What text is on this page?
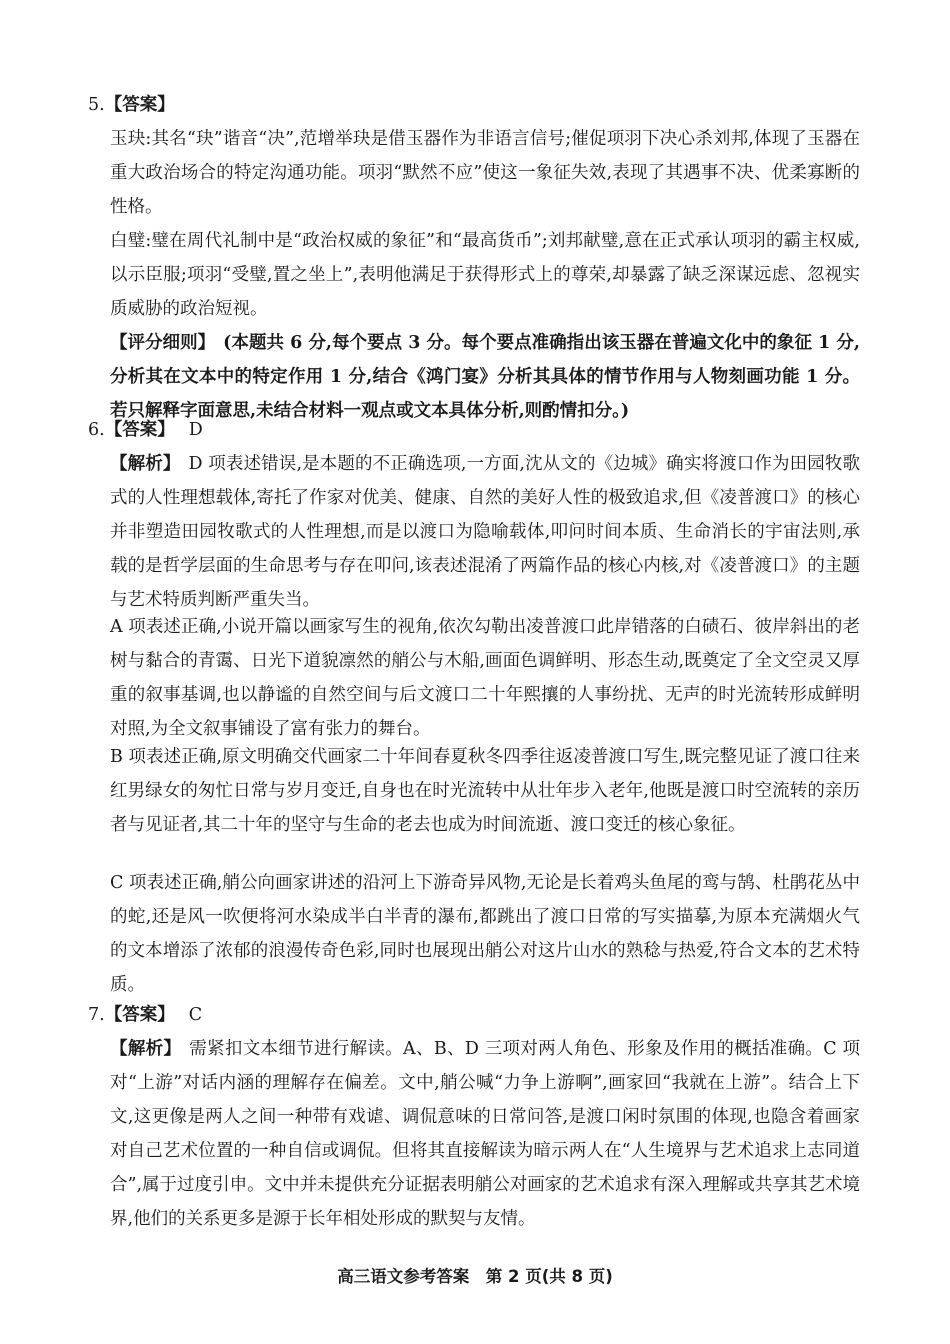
5.【答案】
玉玦:其名“玦”谐音“决”,范增举玦是借玉器作为非语言信号;催促项羽下决心杀刘邦,体现了玉器在重大政治场合的特定沟通功能。项羽“默然不应”使这一象征失效,表现了其遇事不决、优柔寡断的性格。
白璧:璧在周代礼制中是“政治权威的象征”和“最高货币”;刘邦献璧,意在正式承认项羽的霸主权威,以示臣服;项羽“受璧,置之坐上”,表明他满足于获得形式上的尊荣,却暴露了缺乏深谋远虑、忽视实质威胁的政治短视。
【评分细则】 (本题共 6 分,每个要点 3 分。每个要点准确指出该玉器在普遍文化中的象征 1 分,分析其在文本中的特定作用 1 分,结合《鸿门宴》分析其具体的情节作用与人物刻画功能 1 分。若只解释字面意思,未结合材料一观点或文本具体分析,则酌情扣分。)
6.【答案】 D
【解析】 D 项表述错误,是本题的不正确选项,一方面,沈从文的《边城》确实将渡口作为田园牧歌式的人性理想载体,寄托了作家对优美、健康、自然的美好人性的极致追求,但《凌普渡口》的核心并非塑造田园牧歌式的人性理想,而是以渡口为隐喻载体,叩问时间本质、生命消长的宇宙法则,承载的是哲学层面的生命思考与存在叩问,该表述混淆了两篇作品的核心内核,对《凌普渡口》的主题与艺术特质判断严重失当。
A 项表述正确,小说开篇以画家写生的视角,依次勾勒出凌普渡口此岸错落的白碛石、彼岸斜出的老树与黏合的青霭、日光下道貌凛然的艄公与木船,画面色调鲜明、形态生动,既奠定了全文空灵又厚重的叙事基调,也以静谧的自然空间与后文渡口二十年熙攘的人事纷扰、无声的时光流转形成鲜明对照,为全文叙事铺设了富有张力的舞台。
B 项表述正确,原文明确交代画家二十年间春夏秋冬四季往返凌普渡口写生,既完整见证了渡口往来红男绿女的匆忙日常与岁月变迁,自身也在时光流转中从壮年步入老年,他既是渡口时空流转的亲历者与见证者,其二十年的坚守与生命的老去也成为时间流逝、渡口变迁的核心象征。
C 项表述正确,艄公向画家讲述的沿河上下游奇异风物,无论是长着鸡头鱼尾的鸾与鹄、杜鹃花丛中的蛇,还是风一吹便将河水染成半白半青的瀑布,都跳出了渡口日常的写实描摹,为原本充满烟火气的文本增添了浓郁的浪漫传奇色彩,同时也展现出艄公对这片山水的熟稔与热爱,符合文本的艺术特质。
7.【答案】 C
【解析】 需紧扣文本细节进行解读。A、B、D 三项对两人角色、形象及作用的概括准确。C 项对“上游”对话内涵的理解存在偏差。文中,艄公喊“力争上游啊”,画家回“我就在上游”。结合上下文,这更像是两人之间一种带有戏谑、调侃意味的日常问答,是渡口闲时氛围的体现,也隐含着画家对自己艺术位置的一种自信或调侃。但将其直接解读为暗示两人在“人生境界与艺术追求上志同道合”,属于过度引申。文中并未提供充分证据表明艄公对画家的艺术追求有深入理解或共享其艺术境界,他们的关系更多是源于长年相处形成的默契与友情。
高三语文参考答案　第 2 页(共 8 页)
